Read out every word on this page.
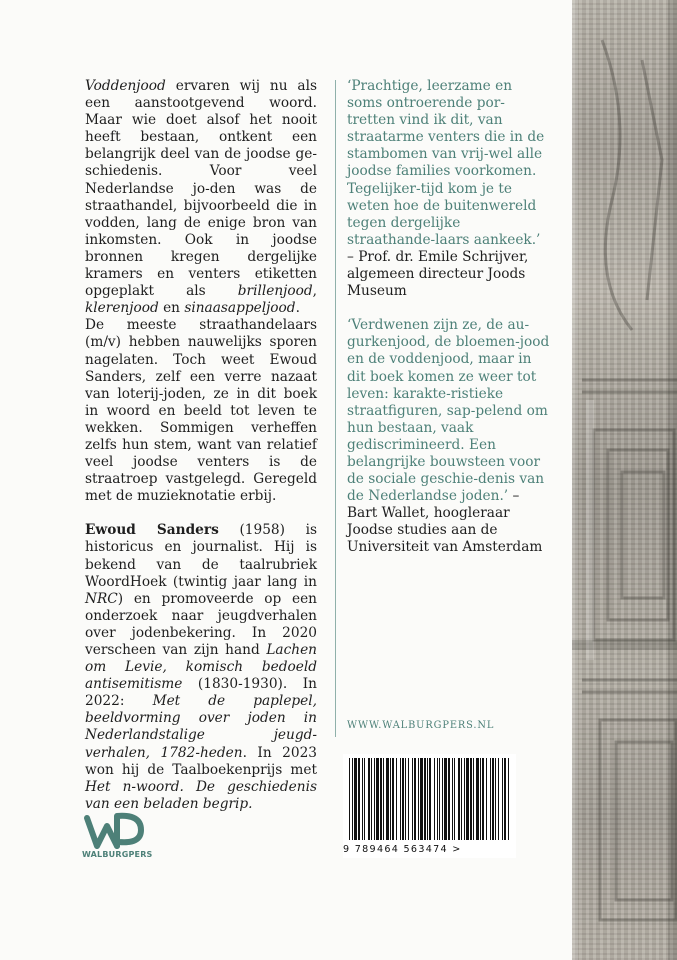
Voddenjood ervaren wij nu als een aanstootgevend woord. Maar wie doet alsof het nooit heeft bestaan, ontkent een belangrijk deel van de joodse ge-schiedenis. Voor veel Nederlandse jo-den was de straathandel, bijvoorbeeld die in vodden, lang de enige bron van inkomsten. Ook in joodse bronnen kregen dergelijke kramers en venters etiketten opgeplakt als brillenjood, klerenjood en sinaasappeljood.

De meeste straathandelaars (m/v) hebben nauwelijks sporen nagelaten. Toch weet Ewoud Sanders, zelf een verre nazaat van loterij-joden, ze in dit boek in woord en beeld tot leven te wekken. Sommigen verheffen zelfs hun stem, want van relatief veel joodse venters is de straatroep vastgelegd. Geregeld met de muzieknotatie erbij.

Ewoud Sanders (1958) is historicus en journalist. Hij is bekend van de taalrubriek WoordHoek (twintig jaar lang in NRC) en promoveerde op een onderzoek naar jeugdverhalen over jodenbekering. In 2020 verscheen van zijn hand Lachen om Levie, komisch bedoeld antisemitisme (1830-1930). In 2022: Met de paplepel, beeldvorming over joden in Nederlandstalige jeugd-verhalen, 1782-heden. In 2023 won hij de Taalboekenprijs met Het n-woord. De geschiedenis van een beladen begrip.

‘Prachtige, leerzame en soms ontroerende por-tretten vind ik dit, van straatarme venters die in de stambomen van vrij-wel alle joodse families voorkomen. Tegelijker-tijd kom je te weten hoe de buitenwereld tegen dergelijke straathande-laars aankeek.’ – Prof. dr. Emile Schrijver, algemeen directeur Joods Museum

‘Verdwenen zijn ze, de au-gurkenjood, de bloemen-jood en de voddenjood, maar in dit boek komen ze weer tot leven: karakte-ristieke straatfiguren, sap-pelend om hun bestaan, vaak gediscrimineerd. Een belangrijke bouwsteen voor de sociale geschie-denis van de Nederlandse joden.’ – Bart Wallet, hoogleraar Joodse studies aan de Universiteit van Amsterdam

WWW.WALBURGPERS.NL
9 789464 563474 >
WALBURGPERS
